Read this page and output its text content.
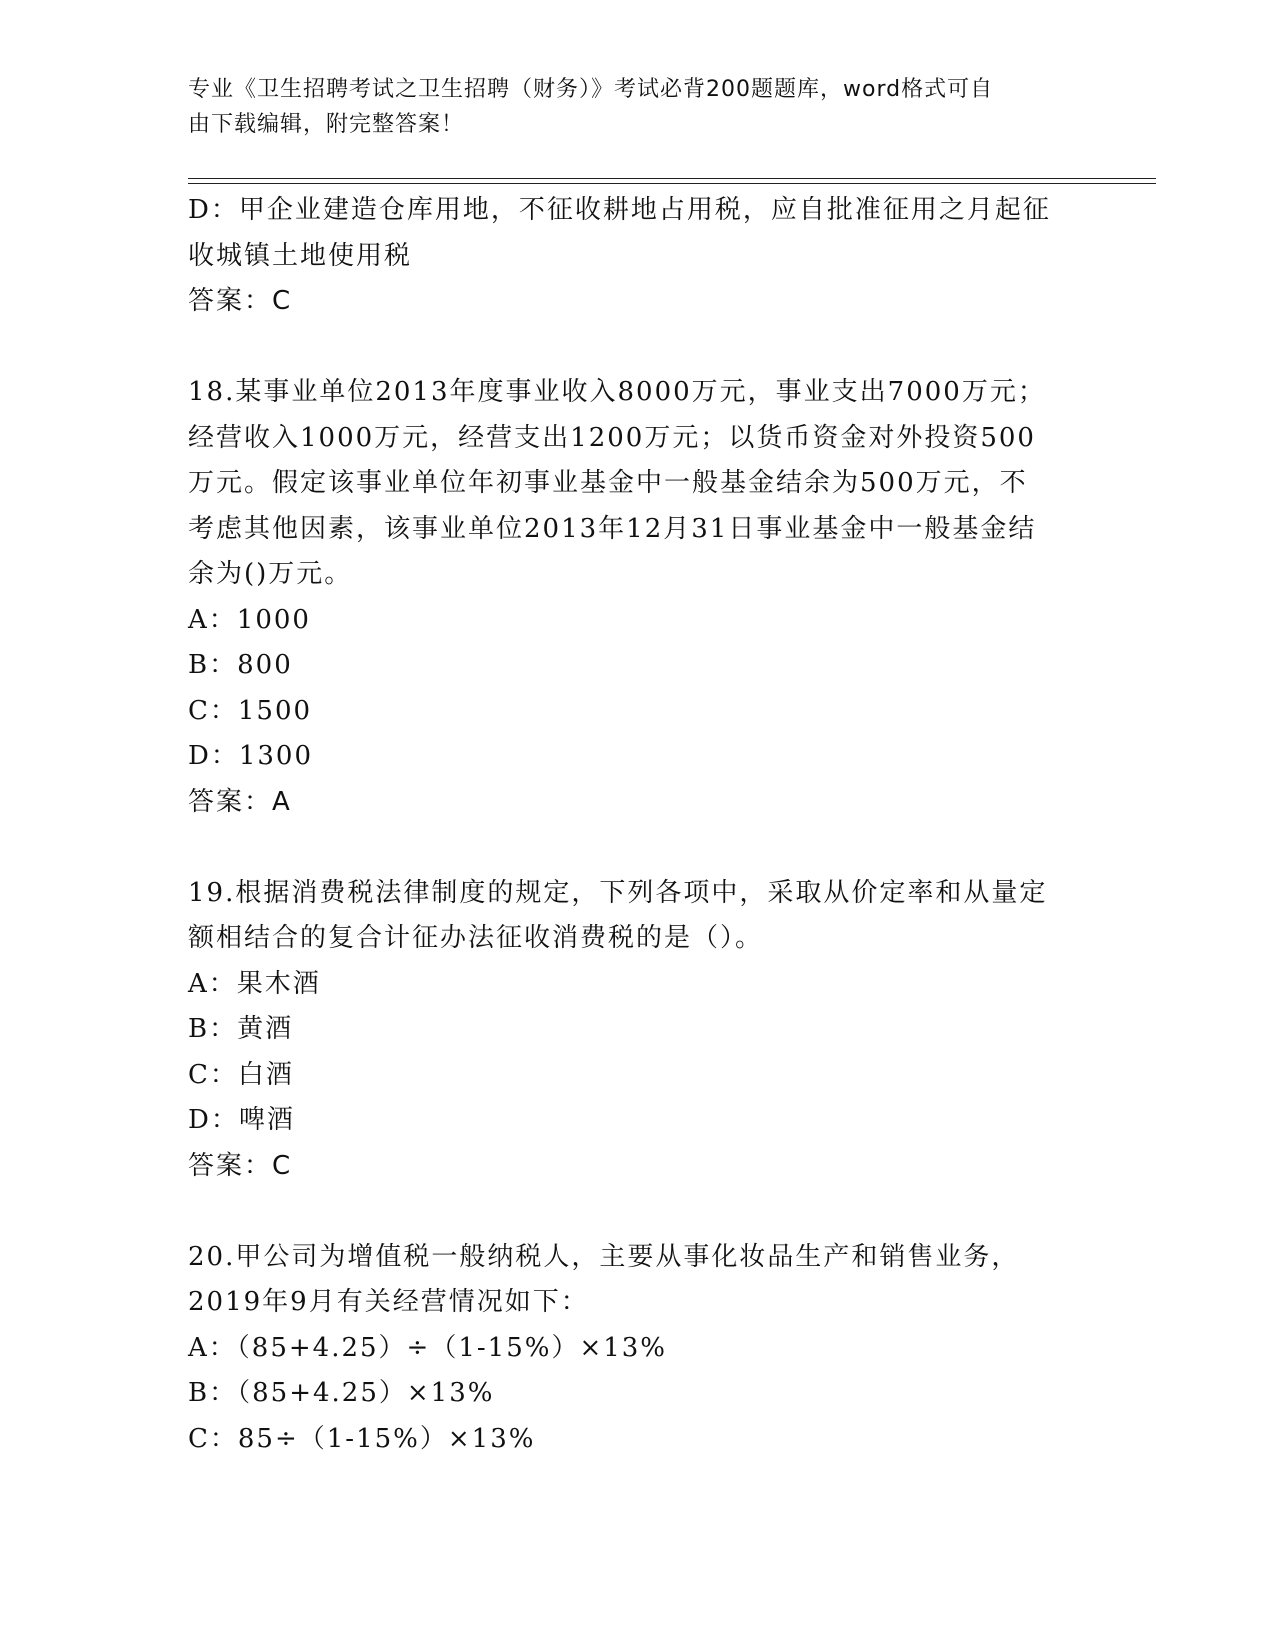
专业《卫生招聘考试之卫生招聘（财务）》考试必背200题题库，word格式可自
由下载编辑，附完整答案！
D：甲企业建造仓库用地，不征收耕地占用税，应自批准征用之月起征
收城镇土地使用税
答案：C
18.某事业单位2013年度事业收入8000万元，事业支出7000万元；
经营收入1000万元，经营支出1200万元；以货币资金对外投资500
万元。假定该事业单位年初事业基金中一般基金结余为500万元，不
考虑其他因素，该事业单位2013年12月31日事业基金中一般基金结
余为()万元。
A：1000
B：800
C：1500
D：1300
答案：A
19.根据消费税法律制度的规定，下列各项中，采取从价定率和从量定
额相结合的复合计征办法征收消费税的是（）。
A：果木酒
B：黄酒
C：白酒
D：啤酒
答案：C
20.甲公司为增值税一般纳税人，主要从事化妆品生产和销售业务，
2019年9月有关经营情况如下：
A：（85+4.25）÷（1-15%）×13%
B：（85+4.25）×13%
C：85÷（1-15%）×13%
